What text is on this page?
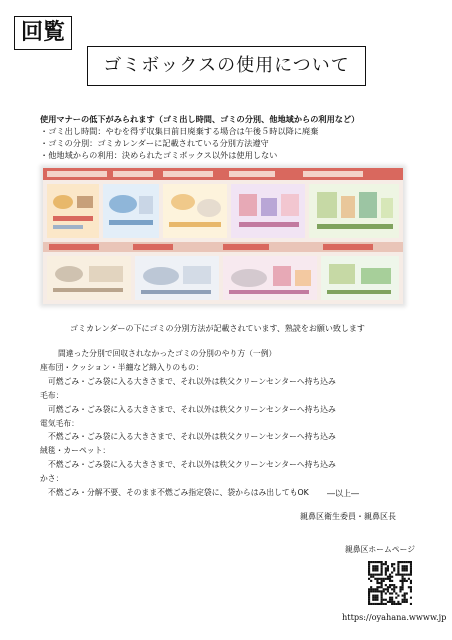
回覧
ゴミボックスの使用について
使用マナーの低下がみられます（ゴミ出し時間、ゴミの分別、他地域からの利用など）
・ゴミ出し時間：やむを得ず収集日前日廃棄する場合は午後５時以降に廃棄
・ゴミの分別：ゴミカレンダーに記載されている分別方法遵守
・他地域からの利用：決められたゴミボックス以外は使用しない
ゴミカレンダーの下にゴミの分別方法が記載されています、熟読をお願い致します
間違った分別で回収されなかったゴミの分別のやり方（一例）
座布団・クッション・半纏など綿入りのもの：
可燃ごみ・ごみ袋に入る大きさまで、それ以外は秩父クリーンセンターへ持ち込み
毛布：
可燃ごみ・ごみ袋に入る大きさまで、それ以外は秩父クリーンセンターへ持ち込み
電気毛布：
不燃ごみ・ごみ袋に入る大きさまで、それ以外は秩父クリーンセンターへ持ち込み
絨毯・カーペット：
不燃ごみ・ごみ袋に入る大きさまで、それ以外は秩父クリーンセンターへ持ち込み
かさ：
不燃ごみ・分解不要、そのまま不燃ごみ指定袋に、袋からはみ出してもOK	―以上―
親鼻区衛生委員・親鼻区長
親鼻区ホームページ
https://oyahana.wwww.jp
